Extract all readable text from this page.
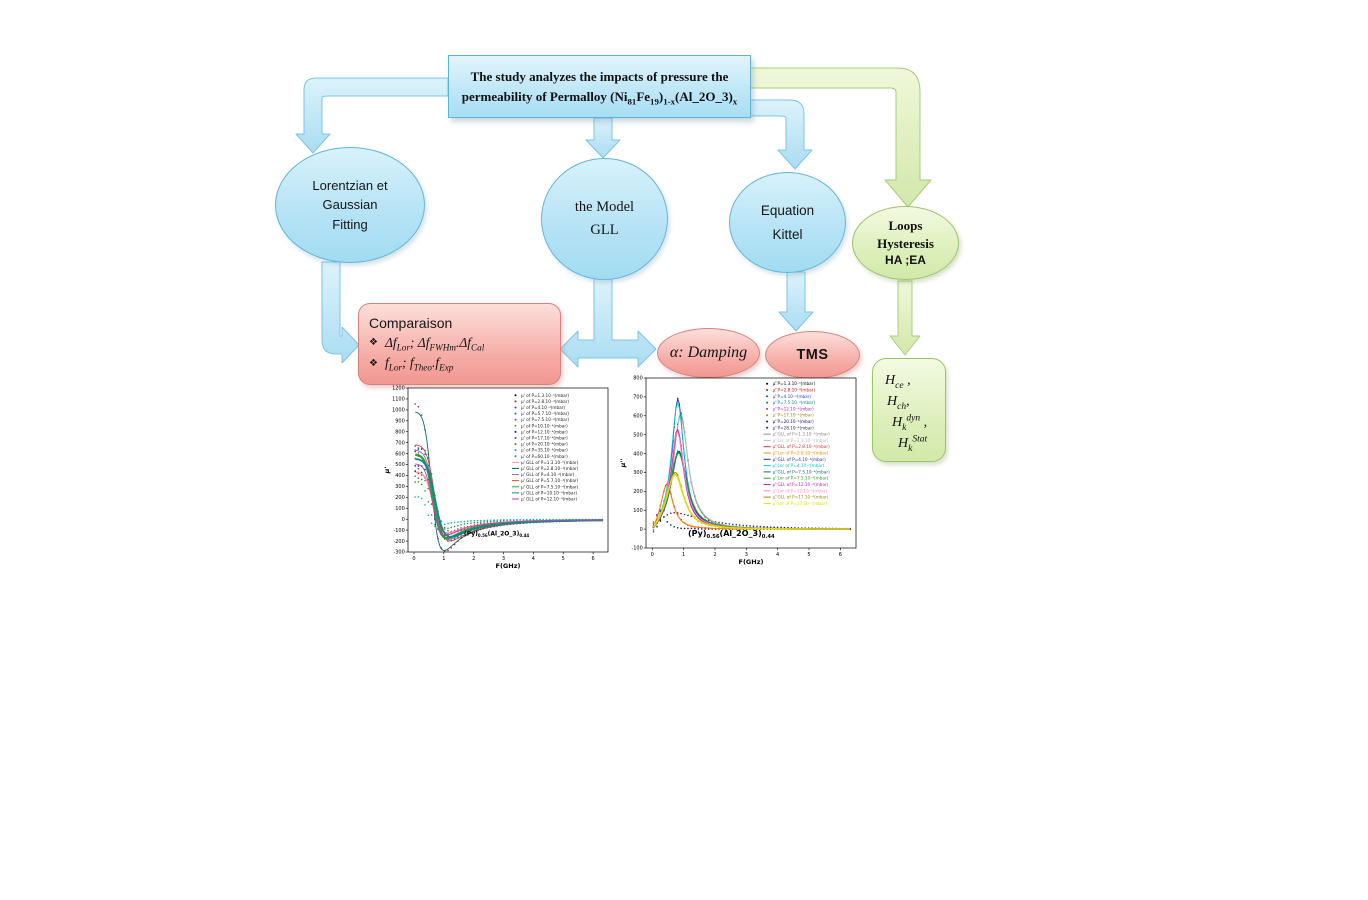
The study analyzes the impacts of pressure the
permeability of Permalloy $(Ni_{81}Fe_{19})_{1-x}(Al\_2O\_3)_x$
Lorentzian et
Gaussian
Fitting
the Model
GLL
Equation
Kittel
Loops
Hysteresis
HA ;EA
Comparaison
❖ $\Delta f_{Lor}$; $\Delta f_{FWHm}.\Delta f_{Cal}$
❖ $f_{Lor}$; $f_{Theo}.f_{Exp}$
α: Damping	TMS
$H_{ce}$ ,
$H_{ch}$,
$H_k^{dyn}$ ,
$H_k^{Stat}$
-300
-200
-100
0
100
200
300
400
500
600
700
800
900
1000
1100
1200
0	1	2	3	4	5	6
F(GHz)
µ'
$(Py)_{0.56}(Al\_2O\_3)_{0.44}$
µ' of P=1.3.10⁻⁵(mbar)
µ' of P=2.8.10⁻⁴(mbar)
µ' of P=4.10⁻⁴(mbar)
µ' of P=5.7.10⁻⁴(mbar)
µ' of P=7.5.10⁻⁴(mbar)
µ' of P=10.10⁻⁴(mbar)
µ' of P=12.10⁻⁴(mbar)
µ' of P=17.10⁻⁴(mbar)
µ' of P=20.10⁻⁴(mbar)
µ' of P=35.10⁻⁴(mbar)
µ' of P=60.10⁻⁴(mbar)
µ' GLL of P=1.3.10⁻⁵(mbar)
µ' GLL of P=2.8.10⁻⁴(mbar)
µ' GLL of P=4.10⁻⁴(mbar)
µ' GLL of P=5.7.10⁻⁴(mbar)
µ' GLL of P=7.5.10⁻⁴(mbar)
µ' GLL of P=10.10⁻⁴(mbar)
µ' GLL of P=12.10⁻⁴(mbar)
-100
0
100
200
300
400
500
600
700
800
0	1	2	3	4	5	6
F(GHz)
µ''
$(Py)_{0.56}(Al\_2O\_3)_{0.44}$
µ''P=1.3.10⁻⁵(mbar)
µ''P=2.8.10⁻⁴(mbar)
µ''P=4.10⁻⁴(mbar)
µ''P=7.5.10⁻⁴(mbar)
µ''P=12.10⁻⁴(mbar)
µ''P=17.10⁻⁴(mbar)
µ''P=20.10⁻⁴(mbar)
µ''P=28.10⁻⁴(mbar)
µ''GLL of P=1.3.10⁻⁵(mbar)
µ''Lor of P=1.3.10⁻⁵(mbar)
µ''GLL of P=2.8.10⁻⁴(mbar)
µ''Lor of P=2.8.10⁻⁴(mbar)
µ''GLL of P=4.10⁻⁴(mbar)
µ''Lor of P=4.10⁻⁴(mbar)
µ''GLL of P=7.5.10⁻⁴(mbar)
µ''Lor of P=7.5.10⁻⁴(mbar)
µ''GLL of P=12.10⁻⁴(mbar)
µ''Lor of P=12.10⁻⁴(mbar)
µ''GLL of P=17.10⁻⁴(mbar)
µ''Lor of P=17.10⁻⁴(mbar)
